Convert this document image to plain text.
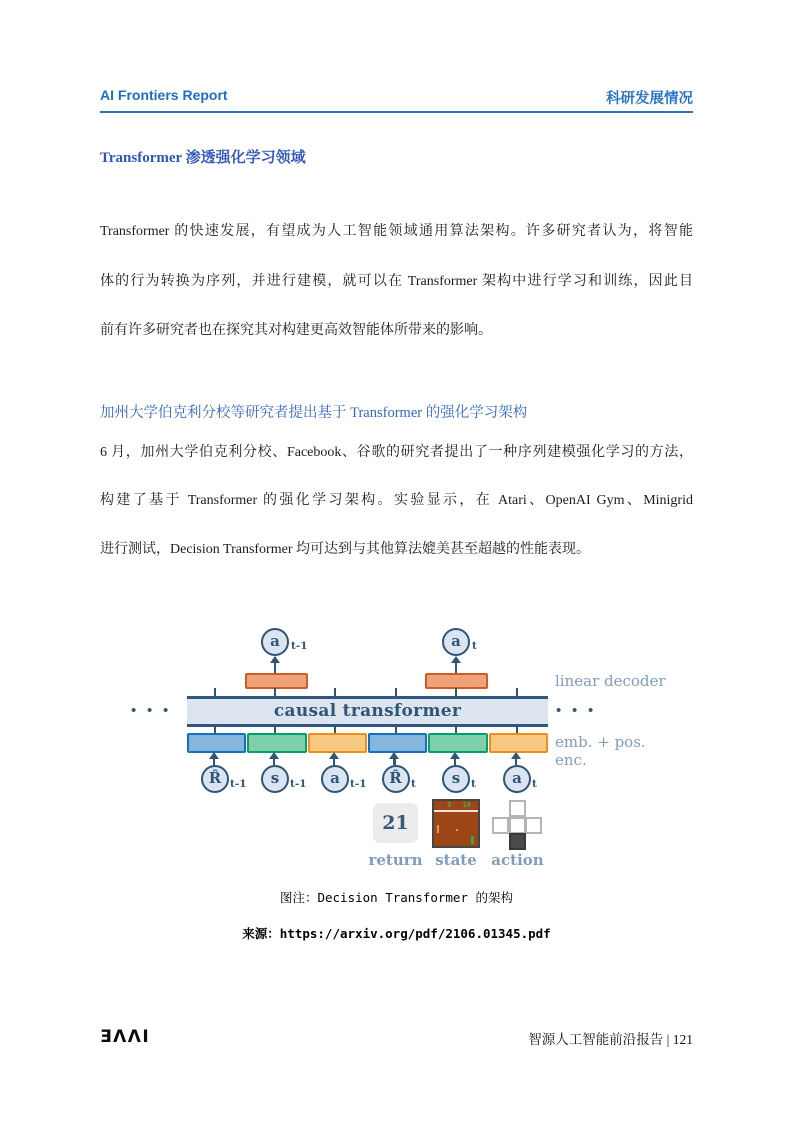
AI Frontiers Report	科研发展情况
Transformer 渗透强化学习领域
Transformer 的快速发展，有望成为人工智能领域通用算法架构。许多研究者认为，将智能
体的行为转换为序列，并进行建模，就可以在 Transformer 架构中进行学习和训练，因此目
前有许多研究者也在探究其对构建更高效智能体所带来的影响。
加州大学伯克利分校等研究者提出基于 Transformer 的强化学习架构
6 月，加州大学伯克利分校、Facebook、谷歌的研究者提出了一种序列建模强化学习的方法，
构建了基于 Transformer 的强化学习架构。实验显示，在 Atari、OpenAI Gym、Minigrid
进行测试，Decision Transformer 均可达到与其他算法媲美甚至超越的性能表现。
a	t-1	a	t
causal transformer
• • •	• • •
linear decoder
emb. + pos. enc.
R̂ t-1	s	t-1	a t-1	R̂ t	s	t	a t
21
3 10
return state action
图注：Decision Transformer 的架构
来源：https://arxiv.org/pdf/2106.01345.pdf
ƎΛΛI	智源人工智能前沿报告 | 121
